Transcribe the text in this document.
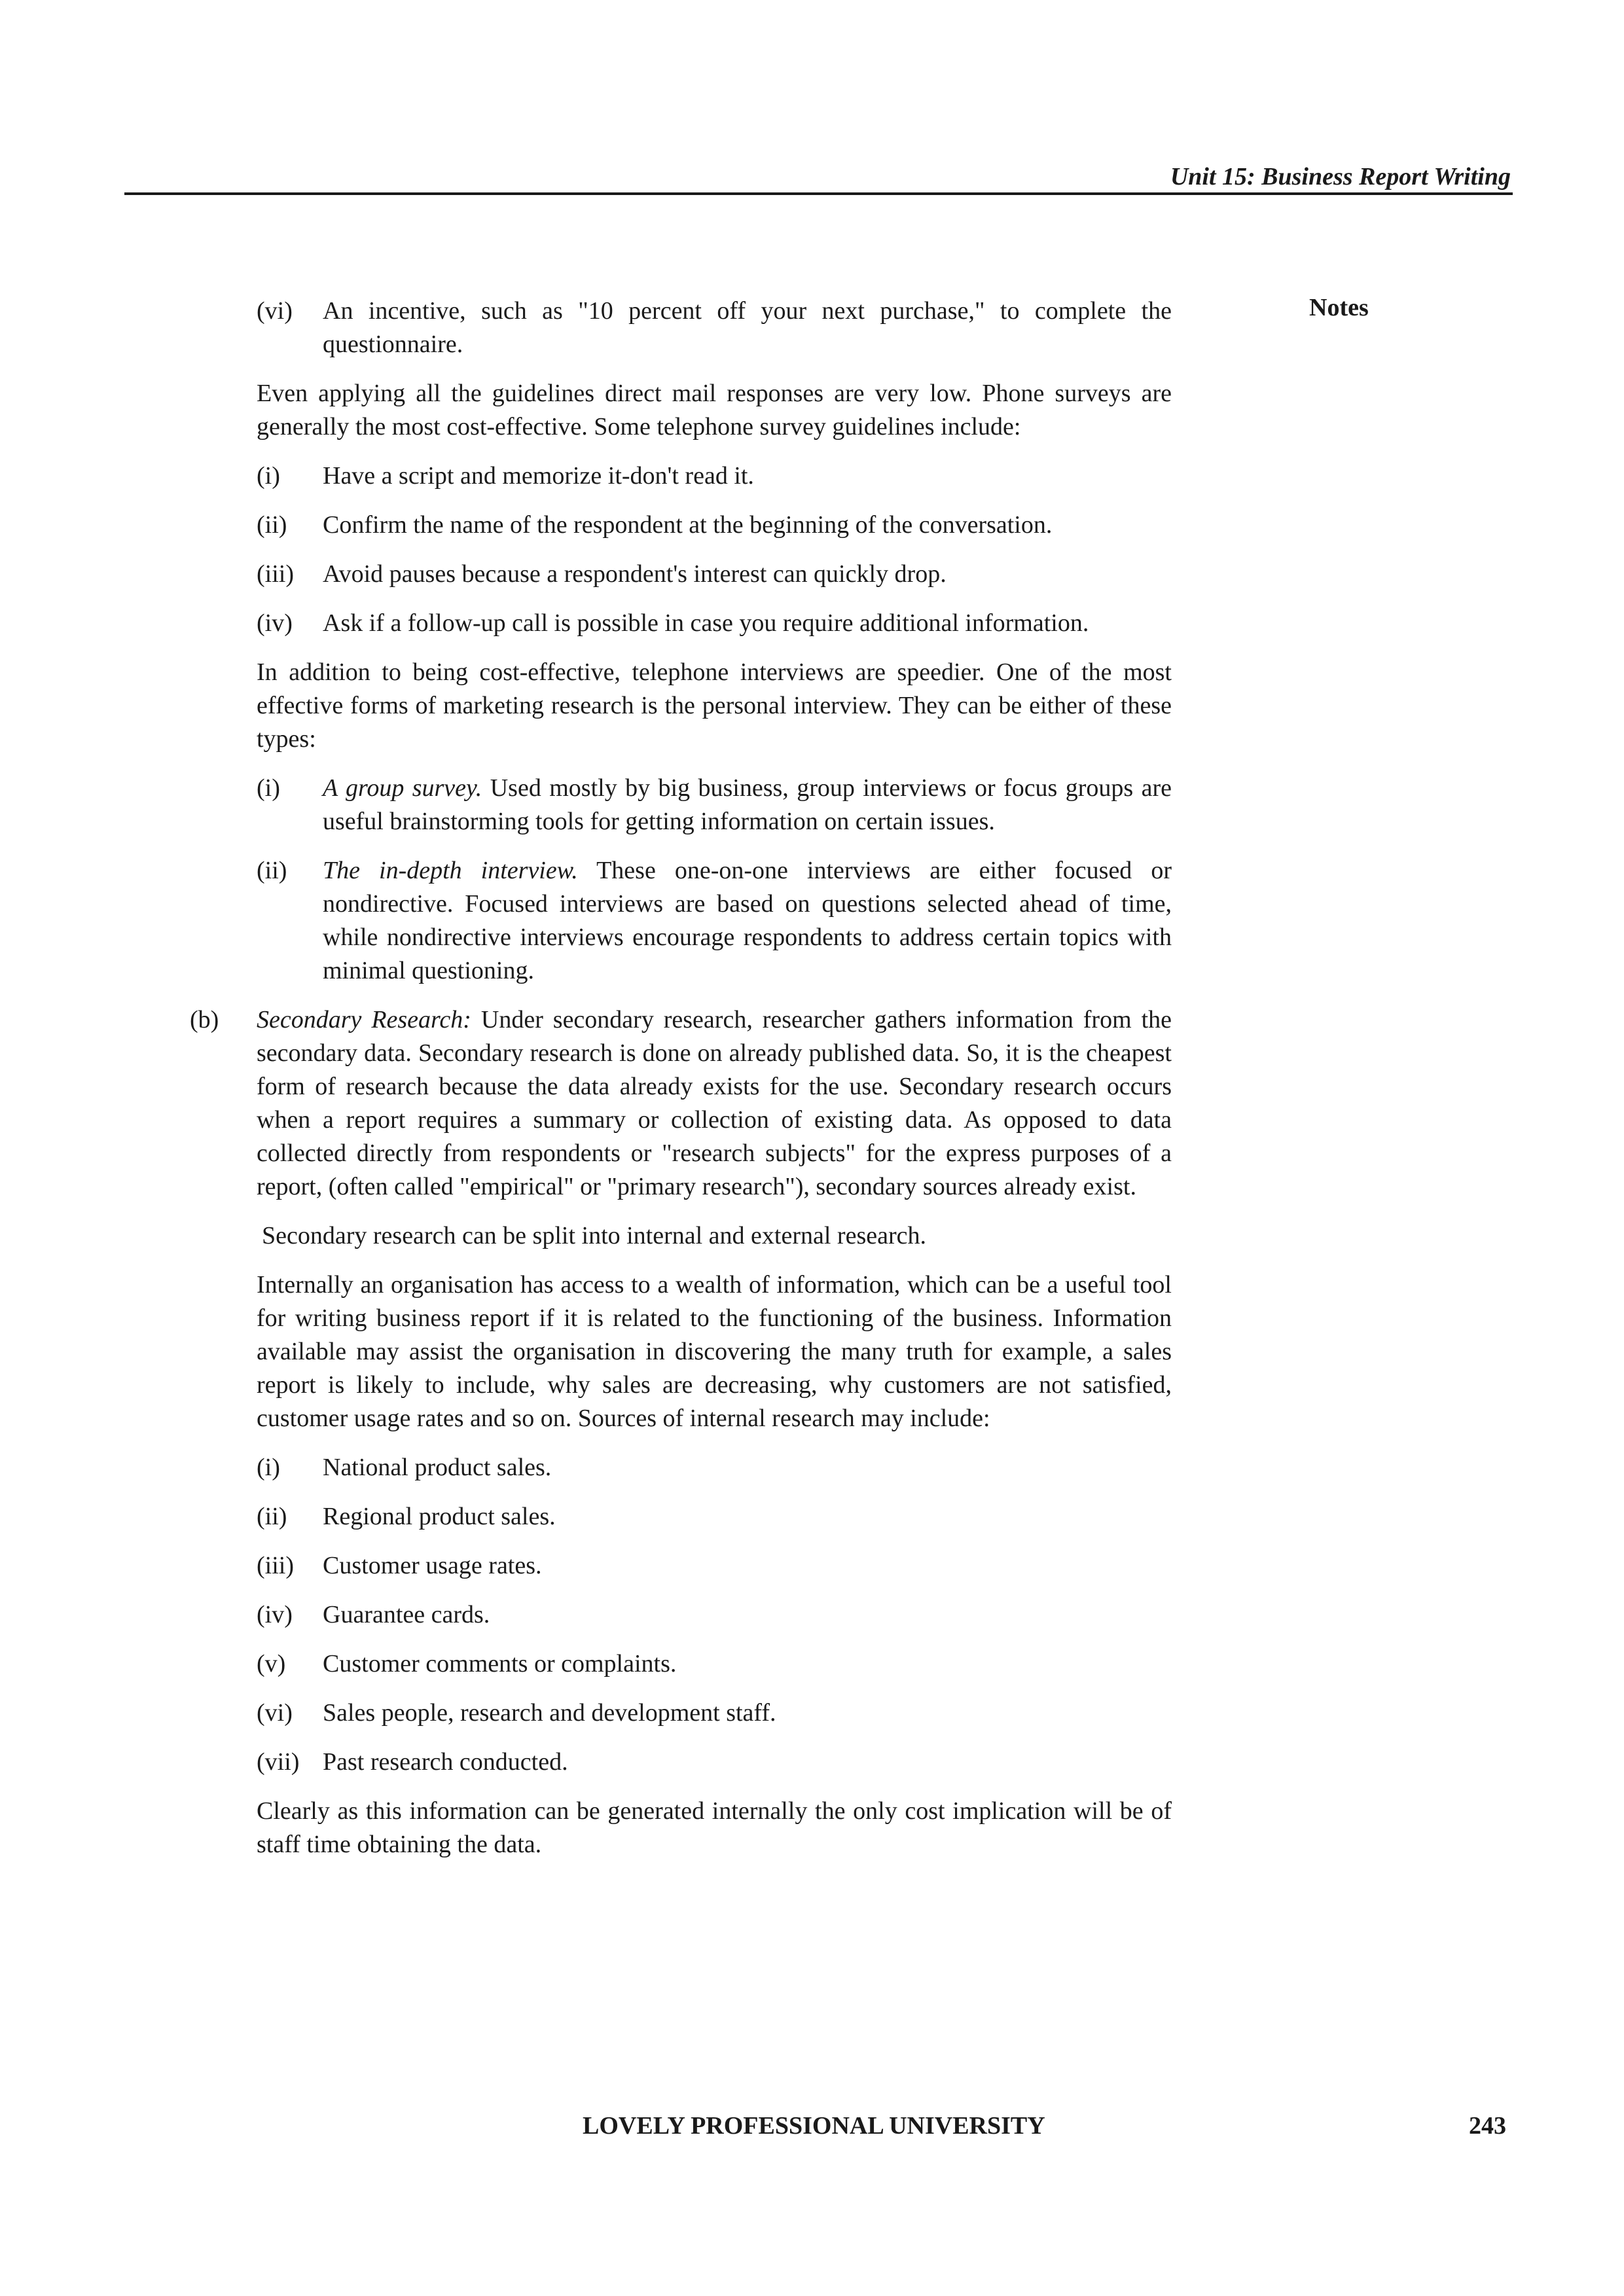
Unit 15: Business Report Writing
Notes
(vi) An incentive, such as "10 percent off your next purchase," to complete the questionnaire.

Even applying all the guidelines direct mail responses are very low. Phone surveys are generally the most cost-effective. Some telephone survey guidelines include:

(i) Have a script and memorize it-don't read it.
(ii) Confirm the name of the respondent at the beginning of the conversation.
(iii) Avoid pauses because a respondent's interest can quickly drop.
(iv) Ask if a follow-up call is possible in case you require additional information.

In addition to being cost-effective, telephone interviews are speedier. One of the most effective forms of marketing research is the personal interview. They can be either of these types:

(i) A group survey. Used mostly by big business, group interviews or focus groups are useful brainstorming tools for getting information on certain issues.
(ii) The in-depth interview. These one-on-one interviews are either focused or nondirective. Focused interviews are based on questions selected ahead of time, while nondirective interviews encourage respondents to address certain topics with minimal questioning.
(b) Secondary Research: Under secondary research, researcher gathers information from the secondary data. Secondary research is done on already published data. So, it is the cheapest form of research because the data already exists for the use. Secondary research occurs when a report requires a summary or collection of existing data. As opposed to data collected directly from respondents or "research subjects" for the express purposes of a report, (often called "empirical" or "primary research"), secondary sources already exist.

Secondary research can be split into internal and external research.

Internally an organisation has access to a wealth of information, which can be a useful tool for writing business report if it is related to the functioning of the business. Information available may assist the organisation in discovering the many truth for example, a sales report is likely to include, why sales are decreasing, why customers are not satisfied, customer usage rates and so on. Sources of internal research may include:

(i) National product sales.
(ii) Regional product sales.
(iii) Customer usage rates.
(iv) Guarantee cards.
(v) Customer comments or complaints.
(vi) Sales people, research and development staff.
(vii) Past research conducted.

Clearly as this information can be generated internally the only cost implication will be of staff time obtaining the data.

LOVELY PROFESSIONAL UNIVERSITY	243
